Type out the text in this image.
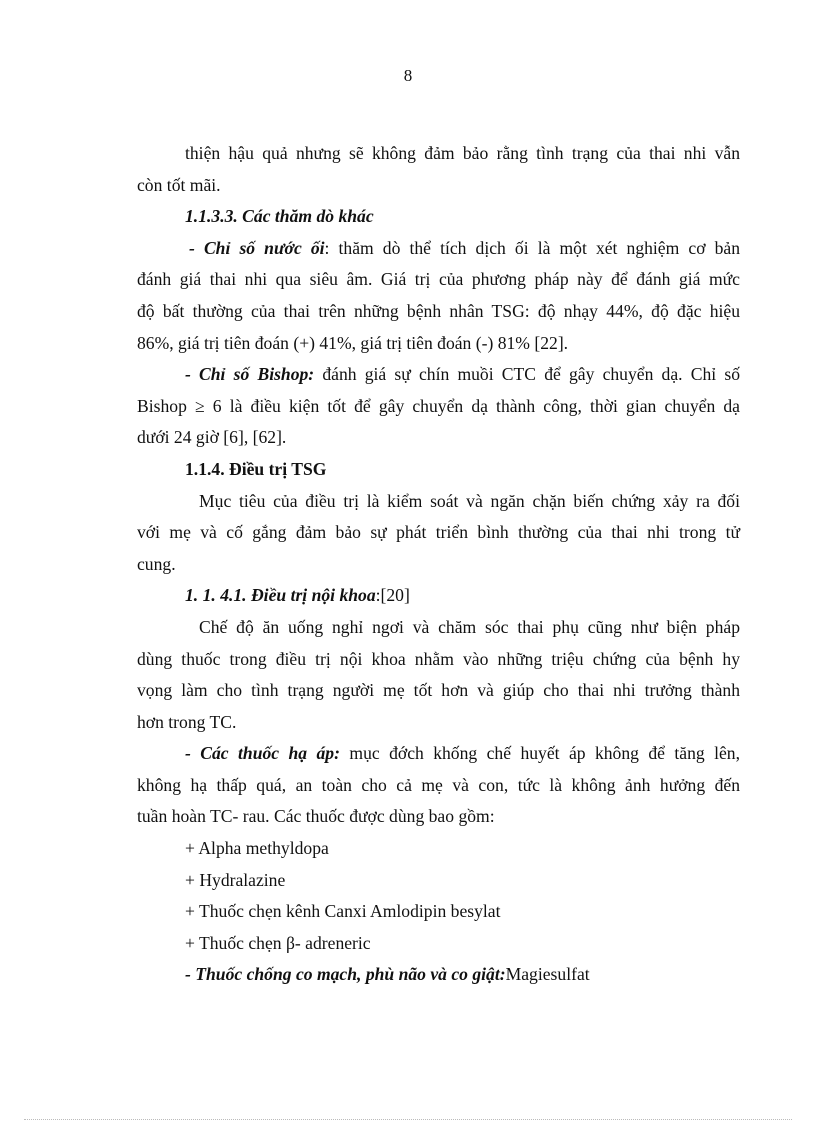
8
thiện hậu quả nhưng sẽ không đảm bảo rằng tình trạng của thai nhi vẫn
còn tốt mãi.
1.1.3.3. Các thăm dò khác
- Chỉ số nước ối: thăm dò thể tích dịch ối là một xét nghiệm cơ bản
đánh giá thai nhi qua siêu âm. Giá trị của phương pháp này để đánh giá mức
độ bất thường của thai trên những bệnh nhân TSG: độ nhạy 44%, độ đặc hiệu
86%, giá trị tiên đoán (+) 41%, giá trị tiên đoán (-) 81% [22].
- Chỉ số Bishop: đánh giá sự chín muồi CTC để gây chuyển dạ. Chỉ số
Bishop ≥ 6 là điều kiện tốt để gây chuyển dạ thành công, thời gian chuyển dạ
dưới 24 giờ [6], [62].
1.1.4. Điều trị TSG
Mục tiêu của điều trị là kiểm soát và ngăn chặn biến chứng xảy ra đối
với mẹ và cố gắng đảm bảo sự phát triển bình thường của thai nhi trong tử
cung.
1. 1. 4.1. Điều trị nội khoa:[20]
Chế độ ăn uống nghỉ ngơi và chăm sóc thai phụ cũng như biện pháp
dùng thuốc trong điều trị nội khoa nhằm vào những triệu chứng của bệnh hy
vọng làm cho tình trạng người mẹ tốt hơn và giúp cho thai nhi trưởng thành
hơn trong TC.
- Các thuốc hạ áp: mục đớch khống chế huyết áp không để tăng lên,
không hạ thấp quá, an toàn cho cả mẹ và con, tức là không ảnh hưởng đến
tuần hoàn TC- rau. Các thuốc được dùng bao gồm:
+ Alpha methyldopa
+ Hydralazine
+ Thuốc chẹn kênh Canxi Amlodipin besylat
+ Thuốc chẹn β- adreneric
- Thuốc chống co mạch, phù não và co giật:Magiesulfat
